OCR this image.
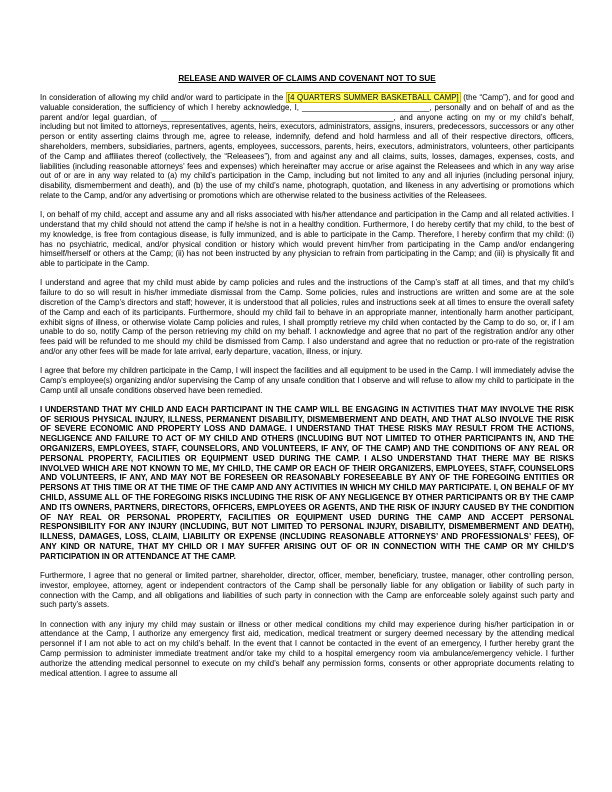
RELEASE AND WAIVER OF CLAIMS AND COVENANT NOT TO SUE

In consideration of allowing my child and/or ward to participate in the [4 QUARTERS SUMMER BASKETBALL CAMP] (the “Camp”), and for good and valuable consideration, the sufficiency of which I hereby acknowledge, I, _____________________________, personally and on behalf of and as the parent and/or legal guardian, of _____________________________________________________, and anyone acting on my or my child’s behalf, including but not limited to attorneys, representatives, agents, heirs, executors, administrators, assigns, insurers, predecessors, successors or any other person or entity asserting claims through me, agree to release, indemnify, defend and hold harmless and all of their respective directors, officers, shareholders, members, subsidiaries, partners, agents, employees, successors, parents, heirs, executors, administrators, volunteers, other participants of the Camp and affiliates thereof (collectively, the “Releasees”), from and against any and all claims, suits, losses, damages, expenses, costs, and liabilities (including reasonable attorneys’ fees and expenses) which hereinafter may accrue or arise against the Releasees and which in any way arise out of or are in any way related to (a) my child’s participation in the Camp, including but not limited to any and all injuries (including personal injury, disability, dismemberment and death), and (b) the use of my child’s name, photograph, quotation, and likeness in any advertising or promotions which relate to the Camp, and/or any advertising or promotions which are otherwise related to the business activities of the Releasees.

I, on behalf of my child, accept and assume any and all risks associated with his/her attendance and participation in the Camp and all related activities. I understand that my child should not attend the camp if he/she is not in a healthy condition. Furthermore, I do hereby certify that my child, to the best of my knowledge, is free from contagious disease, is fully immunized, and is able to participate in the Camp. Therefore, I hereby confirm that my child: (i) has no psychiatric, medical, and/or physical condition or history which would prevent him/her from participating in the Camp and/or endangering himself/herself or others at the Camp; (ii) has not been instructed by any physician to refrain from participating in the Camp; and (iii) is physically fit and able to participate in the Camp.

I understand and agree that my child must abide by camp policies and rules and the instructions of the Camp’s staff at all times, and that my child’s failure to do so will result in his/her immediate dismissal from the Camp. Some policies, rules and instructions are written and some are at the sole discretion of the Camp’s directors and staff; however, it is understood that all policies, rules and instructions seek at all times to ensure the overall safety of the Camp and each of its participants. Furthermore, should my child fail to behave in an appropriate manner, intentionally harm another participant, exhibit signs of illness, or otherwise violate Camp policies and rules, I shall promptly retrieve my child when contacted by the Camp to do so, or, if I am unable to do so, notify Camp of the person retrieving my child on my behalf. I acknowledge and agree that no part of the registration and/or any other fees paid will be refunded to me should my child be dismissed from Camp. I also understand and agree that no reduction or pro-rate of the registration and/or any other fees will be made for late arrival, early departure, vacation, illness, or injury.

I agree that before my children participate in the Camp, I will inspect the facilities and all equipment to be used in the Camp. I will immediately advise the Camp’s employee(s) organizing and/or supervising the Camp of any unsafe condition that I observe and will refuse to allow my child to participate in the Camp until all unsafe conditions observed have been remedied.

I UNDERSTAND THAT MY CHILD AND EACH PARTICIPANT IN THE CAMP WILL BE ENGAGING IN ACTIVITIES THAT MAY INVOLVE THE RISK OF SERIOUS PHYSICAL INJURY, ILLNESS, PERMANENT DISABILITY, DISMEMBERMENT AND DEATH, AND THAT ALSO INVOLVE THE RISK OF SEVERE ECONOMIC AND PROPERTY LOSS AND DAMAGE. I UNDERSTAND THAT THESE RISKS MAY RESULT FROM THE ACTIONS, NEGLIGENCE AND FAILURE TO ACT OF MY CHILD AND OTHERS (INCLUDING BUT NOT LIMITED TO OTHER PARTICIPANTS IN, AND THE ORGANIZERS, EMPLOYEES, STAFF, COUNSELORS, AND VOLUNTEERS, IF ANY, OF THE CAMP) AND THE CONDITIONS OF ANY REAL OR PERSONAL PROPERTY, FACILITIES OR EQUIPMENT USED DURING THE CAMP. I ALSO UNDERSTAND THAT THERE MAY BE RISKS INVOLVED WHICH ARE NOT KNOWN TO ME, MY CHILD, THE CAMP OR EACH OF THEIR ORGANIZERS, EMPLOYEES, STAFF, COUNSELORS AND VOLUNTEERS, IF ANY, AND MAY NOT BE FORESEEN OR REASONABLY FORESEEABLE BY ANY OF THE FOREGOING ENTITIES OR PERSONS AT THIS TIME OR AT THE TIME OF THE CAMP AND ANY ACTIVITIES IN WHICH MY CHILD MAY PARTICIPATE. I, ON BEHALF OF MY CHILD, ASSUME ALL OF THE FOREGOING RISKS INCLUDING THE RISK OF ANY NEGLIGENCE BY OTHER PARTICIPANTS OR BY THE CAMP AND ITS OWNERS, PARTNERS, DIRECTORS, OFFICERS, EMPLOYEES OR AGENTS, AND THE RISK OF INJURY CAUSED BY THE CONDITION OF NAY REAL OR PERSONAL PROPERTY, FACILITIES OR EQUIPMENT USED DURING THE CAMP AND ACCEPT PERSONAL RESPONSIBILITY FOR ANY INJURY (INCLUDING, BUT NOT LIMITED TO PERSONAL INJURY, DISABILITY, DISMEMBERMENT AND DEATH), ILLNESS, DAMAGES, LOSS, CLAIM, LIABILITY OR EXPENSE (INCLUDING REASONABLE ATTORNEYS’ AND PROFESSIONALS’ FEES), OF ANY KIND OR NATURE, THAT MY CHILD OR I MAY SUFFER ARISING OUT OF OR IN CONNECTION WITH THE CAMP OR MY CHILD’S PARTICIPATION IN OR ATTENDANCE AT THE CAMP.

Furthermore, I agree that no general or limited partner, shareholder, director, officer, member, beneficiary, trustee, manager, other controlling person, investor, employee, attorney, agent or independent contractors of the Camp shall be personally liable for any obligation or liability of such party in connection with the Camp, and all obligations and liabilities of such party in connection with the Camp are enforceable solely against such party and such party’s assets.

In connection with any injury my child may sustain or illness or other medical conditions my child may experience during his/her participation in or attendance at the Camp, I authorize any emergency first aid, medication, medical treatment or surgery deemed necessary by the attending medical personnel if I am not able to act on my child’s behalf. In the event that I cannot be contacted in the event of an emergency, I further hereby grant the Camp permission to administer immediate treatment and/or take my child to a hospital emergency room via ambulance/emergency vehicle. I further authorize the attending medical personnel to execute on my child’s behalf any permission forms, consents or other appropriate documents relating to medical attention. I agree to assume all
